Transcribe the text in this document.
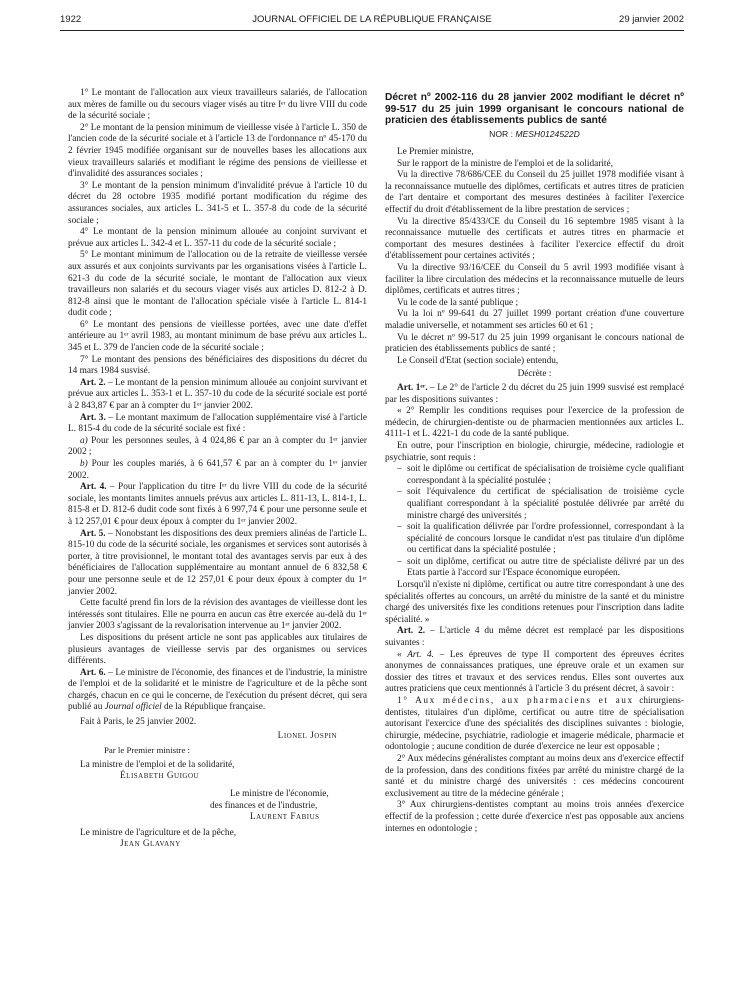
1922	JOURNAL OFFICIEL DE LA RÉPUBLIQUE FRANÇAISE	29 janvier 2002

1° Le montant de l'allocation aux vieux travailleurs salariés, de l'allocation aux mères de famille ou du secours viager visés au titre Iᵉʳ du livre VIII du code de la sécurité sociale ;

2° Le montant de la pension minimum de vieillesse visée à l'article L. 350 de l'ancien code de la sécurité sociale et à l'article 13 de l'ordonnance nº 45-170 du 2 février 1945 modifiée organisant sur de nouvelles bases les allocations aux vieux travailleurs salariés et modifiant le régime des pensions de vieillesse et d'invalidité des assurances sociales ;

3° Le montant de la pension minimum d'invalidité prévue à l'article 10 du décret du 28 octobre 1935 modifié portant modification du régime des assurances sociales, aux articles L. 341-5 et L. 357-8 du code de la sécurité sociale ;

4° Le montant de la pension minimum allouée au conjoint survivant et prévue aux articles L. 342-4 et L. 357-11 du code de la sécurité sociale ;

5° Le montant minimum de l'allocation ou de la retraite de vieillesse versée aux assurés et aux conjoints survivants par les organisations visées à l'article L. 621-3 du code de la sécurité sociale, le montant de l'allocation aux vieux travailleurs non salariés et du secours viager visés aux articles D. 812-2 à D. 812-8 ainsi que le montant de l'allocation spéciale visée à l'article L. 814-1 dudit code ;

6° Le montant des pensions de vieillesse portées, avec une date d'effet antérieure au 1ᵉʳ avril 1983, au montant minimum de base prévu aux articles L. 345 et L. 379 de l'ancien code de la sécurité sociale ;

7° Le montant des pensions des bénéficiaires des dispositions du décret du 14 mars 1984 susvisé.

Art. 2. – Le montant de la pension minimum allouée au conjoint survivant et prévue aux articles L. 353-1 et L. 357-10 du code de la sécurité sociale est porté à 2 843,87 € par an à compter du 1ᵉʳ janvier 2002.

Art. 3. – Le montant maximum de l'allocation supplémentaire visé à l'article L. 815-4 du code de la sécurité sociale est fixé :

a) Pour les personnes seules, à 4 024,86 € par an à compter du 1ᵉʳ janvier 2002 ;

b) Pour les couples mariés, à 6 641,57 € par an à compter du 1ᵉʳ janvier 2002.

Art. 4. – Pour l'application du titre Iᵉʳ du livre VIII du code de la sécurité sociale, les montants limites annuels prévus aux articles L. 811-13, L. 814-1, L. 815-8 et D. 812-6 dudit code sont fixés à 6 997,74 € pour une personne seule et à 12 257,01 € pour deux époux à compter du 1ᵉʳ janvier 2002.

Art. 5. – Nonobstant les dispositions des deux premiers alinéas de l'article L. 815-10 du code de la sécurité sociale, les organismes et services sont autorisés à porter, à titre provisionnel, le montant total des avantages servis par eux à des bénéficiaires de l'allocation supplémentaire au montant annuel de 6 832,58 € pour une personne seule et de 12 257,01 € pour deux époux à compter du 1ᵉʳ janvier 2002.

Cette faculté prend fin lors de la révision des avantages de vieillesse dont les intéressés sont titulaires. Elle ne pourra en aucun cas être exercée au-delà du 1ᵉʳ janvier 2003 s'agissant de la revalorisation intervenue au 1ᵉʳ janvier 2002.

Les dispositions du présent article ne sont pas applicables aux titulaires de plusieurs avantages de vieillesse servis par des organismes ou services différents.

Art. 6. – Le ministre de l'économie, des finances et de l'industrie, la ministre de l'emploi et de la solidarité et le ministre de l'agriculture et de la pêche sont chargés, chacun en ce qui le concerne, de l'exécution du présent décret, qui sera publié au Journal officiel de la République française.

Fait à Paris, le 25 janvier 2002.

Lionel Jospin

Par le Premier ministre :

La ministre de l'emploi et de la solidarité,

Élisabeth Guigou

Le ministre de l'économie,

des finances et de l'industrie,

Laurent Fabius

Le ministre de l'agriculture et de la pêche,

Jean Glavany

Décret nº 2002-116 du 28 janvier 2002 modifiant le décret nº 99-517 du 25 juin 1999 organisant le concours national de praticien des établissements publics de santé

NOR : MESH0124522D

Le Premier ministre,

Sur le rapport de la ministre de l'emploi et de la solidarité,

Vu la directive 78/686/CEE du Conseil du 25 juillet 1978 modifiée visant à la reconnaissance mutuelle des diplômes, certificats et autres titres de praticien de l'art dentaire et comportant des mesures destinées à faciliter l'exercice effectif du droit d'établissement de la libre prestation de services ;

Vu la directive 85/433/CE du Conseil du 16 septembre 1985 visant à la reconnaissance mutuelle des certificats et autres titres en pharmacie et comportant des mesures destinées à faciliter l'exercice effectif du droit d'établissement pour certaines activités ;

Vu la directive 93/16/CEE du Conseil du 5 avril 1993 modifiée visant à faciliter la libre circulation des médecins et la reconnaissance mutuelle de leurs diplômes, certificats et autres titres ;

Vu le code de la santé publique ;

Vu la loi nº 99-641 du 27 juillet 1999 portant création d'une couverture maladie universelle, et notamment ses articles 60 et 61 ;

Vu le décret nº 99-517 du 25 juin 1999 organisant le concours national de praticien des établissements publics de santé ;

Le Conseil d'Etat (section sociale) entendu,

Décrète :

Art. 1ᵉʳ. – Le 2° de l'article 2 du décret du 25 juin 1999 susvisé est remplacé par les dispositions suivantes :

« 2° Remplir les conditions requises pour l'exercice de la profession de médecin, de chirurgien-dentiste ou de pharmacien mentionnées aux articles L. 4111-1 et L. 4221-1 du code de la santé publique.

En outre, pour l'inscription en biologie, chirurgie, médecine, radiologie et psychiatrie, sont requis :

– soit le diplôme ou certificat de spécialisation de troisième cycle qualifiant correspondant à la spécialité postulée ;
– soit l'équivalence du certificat de spécialisation de troisième cycle qualifiant correspondant à la spécialité postulée délivrée par arrêté du ministre chargé des universités ;
– soit la qualification délivrée par l'ordre professionnel, correspondant à la spécialité de concours lorsque le candidat n'est pas titulaire d'un diplôme ou certificat dans la spécialité postulée ;
– soit un diplôme, certificat ou autre titre de spécialiste délivré par un des Etats partie à l'accord sur l'Espace économique européen.

Lorsqu'il n'existe ni diplôme, certificat ou autre titre correspondant à une des spécialités offertes au concours, un arrêté du ministre de la santé et du ministre chargé des universités fixe les conditions retenues pour l'inscription dans ladite spécialité. »

Art. 2. – L'article 4 du même décret est remplacé par les dispositions suivantes :

« Art. 4. – Les épreuves de type II comportent des épreuves écrites anonymes de connaissances pratiques, une épreuve orale et un examen sur dossier des titres et travaux et des services rendus. Elles sont ouvertes aux autres praticiens que ceux mentionnés à l'article 3 du présent décret, à savoir :

1° Aux médecins, aux pharmaciens et aux chirurgiens-dentistes, titulaires d'un diplôme, certificat ou autre titre de spécialisation autorisant l'exercice d'une des spécialités des disciplines suivantes : biologie, chirurgie, médecine, psychiatrie, radiologie et imagerie médicale, pharmacie et odontologie ; aucune condition de durée d'exercice ne leur est opposable ;

2° Aux médecins généralistes comptant au moins deux ans d'exercice effectif de la profession, dans des conditions fixées par arrêté du ministre chargé de la santé et du ministre chargé des universités : ces médecins concourent exclusivement au titre de la médecine générale ;

3° Aux chirurgiens-dentistes comptant au moins trois années d'exercice effectif de la profession ; cette durée d'exercice n'est pas opposable aux anciens internes en odontologie ;
